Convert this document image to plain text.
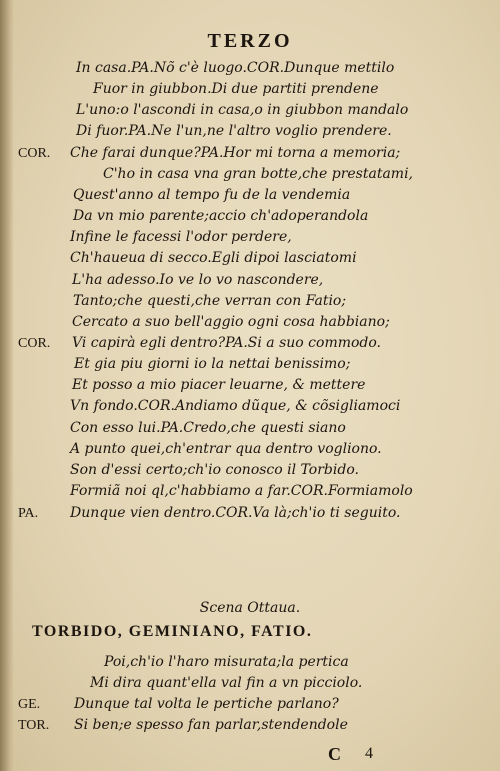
TERZO
In casa.PA.Nõ c'è luogo.COR.Dunque mettilo
Fuor in giubbon.Di due partiti prendene
L'uno:o l'ascondi in casa,o in giubbon mandalo
Di fuor.PA.Ne l'un,ne l'altro voglio prendere.
COR. Che farai dunque?PA.Hor mi torna a memoria;
C'ho in casa vna gran botte,che prestatami,
Quest'anno al tempo fu de la vendemia
Da vn mio parente;accio ch'adoperandola
Infine le facessi l'odor perdere,
Ch'haueua di secco.Egli dipoi lasciatomi
L'ha adesso.Io ve lo vo nascondere,
Tanto;che questi,che verran con Fatio;
Cercato a suo bell'aggio ogni cosa habbiano;
COR. Vi capirà egli dentro?PA.Si a suo commodo.
Et gia piu giorni io la nettai benissimo;
Et posso a mio piacer leuarne, & mettere
Vn fondo.COR.Andiamo dũque, & cõsigliamoci
Con esso lui.PA.Credo,che questi siano
A punto quei,ch'entrar qua dentro vogliono.
Son d'essi certo;ch'io conosco il Torbido.
Formiã noi ql,c'habbiamo a far.COR.Formiamolo
PA. Dunque vien dentro.COR.Va là;ch'io ti seguito.
Scena Ottaua.
TORBIDO, GEMINIANO, FATIO.
Poi,ch'io l'haro misurata;la pertica
Mi dira quant'ella val fin a vn picciolo.
GE. Dunque tal volta le pertiche parlano?
TOR. Si ben;e spesso fan parlar,stendendole
C 4
